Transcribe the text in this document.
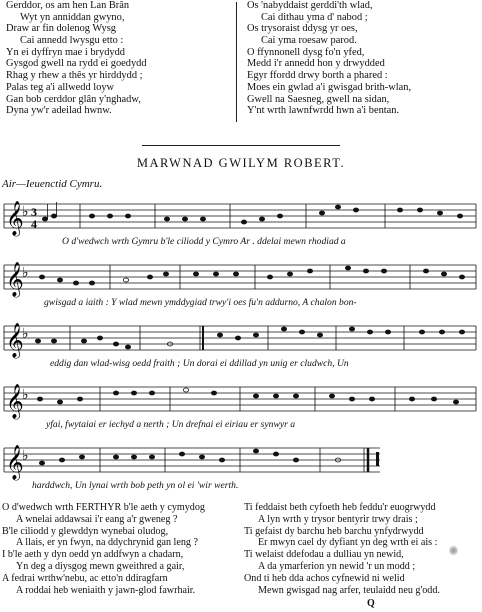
Gerddor, os am hen Lan Brân
Wyt yn anniddan gwyno,
Draw ar fin dolenog Wysg
Cai annedd lwysgu etto :
Yn ei dyffryn mae i brydydd
Gysgod gwell na rydd ei goedydd
Rhag y rhew a thês yr hirddydd ;
Palas teg a'i allwedd loyw
Gan bob cerddor glân y'nghadw,
Dyna yw'r adeilad hwnw.
Os 'nabyddaist gerddi'th wlad,
Cai dithau yma d' nabod ;
Os trysoraist ddysg yr oes,
Cai yma roesaw parod.
O ffynnonell dysg fo'n yfed,
Medd i'r annedd hon y drwydded
Egyr ffordd drwy borth a phared :
Moes ein gwlad a'i gwisgad brith-wlan,
Gwell na Saesneg, gwell na sidan,
Y'nt wrth lawnfwrdd hwn a'i bentan.
MARWNAD GWILYM ROBERT.
Air—Ieuenctid Cymru.
𝄞
♭ 3
4
O d'wedwch wrth Gymru b'le ciliodd y Cymro Ar . ddelai mewn rhodiad a
𝄞
♭
gwisgad a iaith : Y wlad mewn ymddygiad trwy'i oes fu'n addurno, A chalon bon-
𝄞
♭
eddig dan wlad-wisg oedd fraith ; Un dorai ei ddillad yn unig er cludwch, Un
𝄞
♭
yfai, fwytaiai er iechyd a nerth ; Un drefnai ei eiriau er synwyr a
𝄞
♭
harddwch, Un lynai wrth bob peth yn ol ei 'wir werth.
O d'wedwch wrth FERTHYR b'le aeth y cymydog
A wnelai addawsai i'r eang a'r gweneg ?
B'le ciliodd y glewddyn wynebai oludog,
A llais, er yn fwyn, na ddychrynid gan leng ?
I b'le aeth y dyn oedd yn addfwyn a chadarn,
Yn deg a diysgog mewn gweithred a gair,
A fedrai wrthw'nebu, ac etto'n ddiragfarn
A roddai heb weniaith y jawn-glod fawrhair.
Ti feddaist beth cyfoeth heb feddu'r euogrwydd
A lyn wrth y trysor bentyrir trwy drais ;
Ti gefaist dy barchu heb barchu ynfydrwydd
Er mwyn cael dy dyfiant yn deg wrth ei ais :
Ti welaist ddefodau a dulliau yn newid,
A da ymarferion yn newid 'r un modd ;
Ond ti heb dda achos cyfnewid ni welid
Mewn gwisgad nag arfer, teulaidd neu g'odd.
Q
